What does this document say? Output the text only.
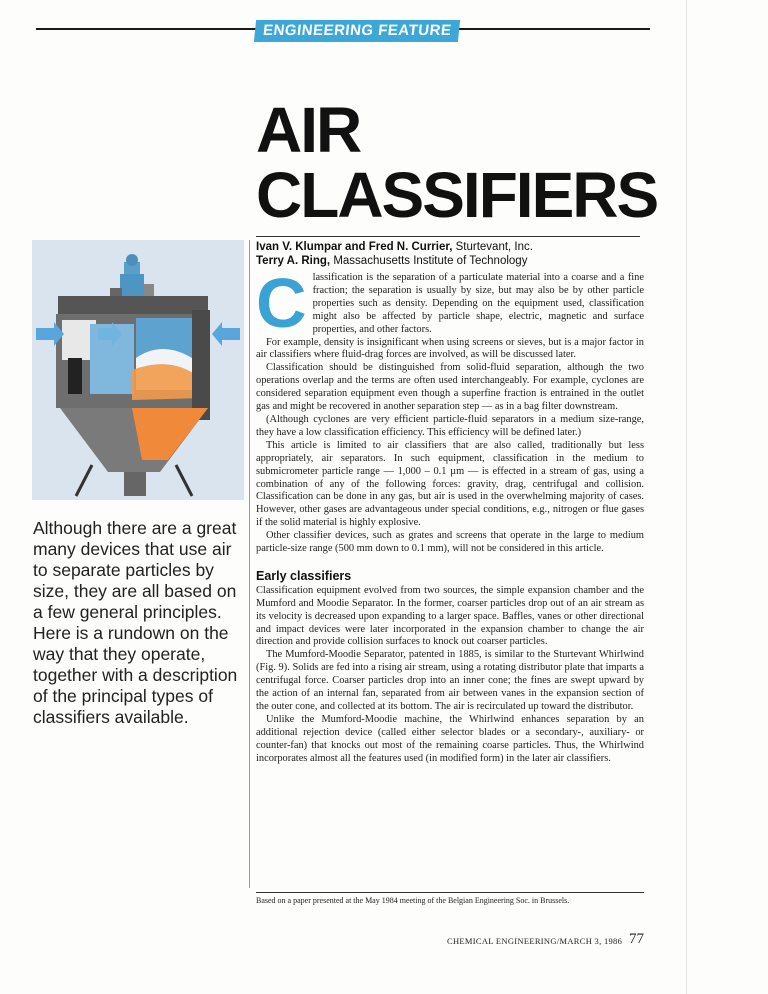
ENGINEERING FEATURE
AIR
CLASSIFIERS
Ivan V. Klumpar and Fred N. Currier, Sturtevant, Inc.
Terry A. Ring, Massachusetts Institute of Technology
Although there are a great many devices that use air to separate particles by size, they are all based on a few general principles. Here is a rundown on the way that they operate, together with a description of the principal types of classifiers available.

Classification is the separation of a particulate material into a coarse and a fine fraction; the separation is usually by size, but may also be by other particle properties such as density. Depending on the equipment used, classification might also be affected by particle shape, electric, magnetic and surface properties, and other factors.

For example, density is insignificant when using screens or sieves, but is a major factor in air classifiers where fluid-drag forces are involved, as will be discussed later.

Classification should be distinguished from solid-fluid separation, although the two operations overlap and the terms are often used interchangeably. For example, cyclones are considered separation equipment even though a superfine fraction is entrained in the outlet gas and might be recovered in another separation step — as in a bag filter downstream.

(Although cyclones are very efficient particle-fluid separators in a medium size-range, they have a low classification efficiency. This efficiency will be defined later.)

This article is limited to air classifiers that are also called, traditionally but less appropriately, air separators. In such equipment, classification in the medium to submicrometer particle range — 1,000 – 0.1 µm — is effected in a stream of gas, using a combination of any of the following forces: gravity, drag, centrifugal and collision. Classification can be done in any gas, but air is used in the overwhelming majority of cases. However, other gases are advantageous under special conditions, e.g., nitrogen or flue gases if the solid material is highly explosive.

Other classifier devices, such as grates and screens that operate in the large to medium particle-size range (500 mm down to 0.1 mm), will not be considered in this article.

Early classifiers

Classification equipment evolved from two sources, the simple expansion chamber and the Mumford and Moodie Separator. In the former, coarser particles drop out of an air stream as its velocity is decreased upon expanding to a larger space. Baffles, vanes or other directional and impact devices were later incorporated in the expansion chamber to change the air direction and provide collision surfaces to knock out coarser particles.

The Mumford-Moodie Separator, patented in 1885, is similar to the Sturtevant Whirlwind (Fig. 9). Solids are fed into a rising air stream, using a rotating distributor plate that imparts a centrifugal force. Coarser particles drop into an inner cone; the fines are swept upward by the action of an internal fan, separated from air between vanes in the expansion section of the outer cone, and collected at its bottom. The air is recirculated up toward the distributor.

Unlike the Mumford-Moodie machine, the Whirlwind enhances separation by an additional rejection device (called either selector blades or a secondary-, auxiliary- or counter-fan) that knocks out most of the remaining coarse particles. Thus, the Whirlwind incorporates almost all the features used (in modified form) in the later air classifiers.

Based on a paper presented at the May 1984 meeting of the Belgian Engineering Soc. in Brussels.
CHEMICAL ENGINEERING/MARCH 3, 1986 77
